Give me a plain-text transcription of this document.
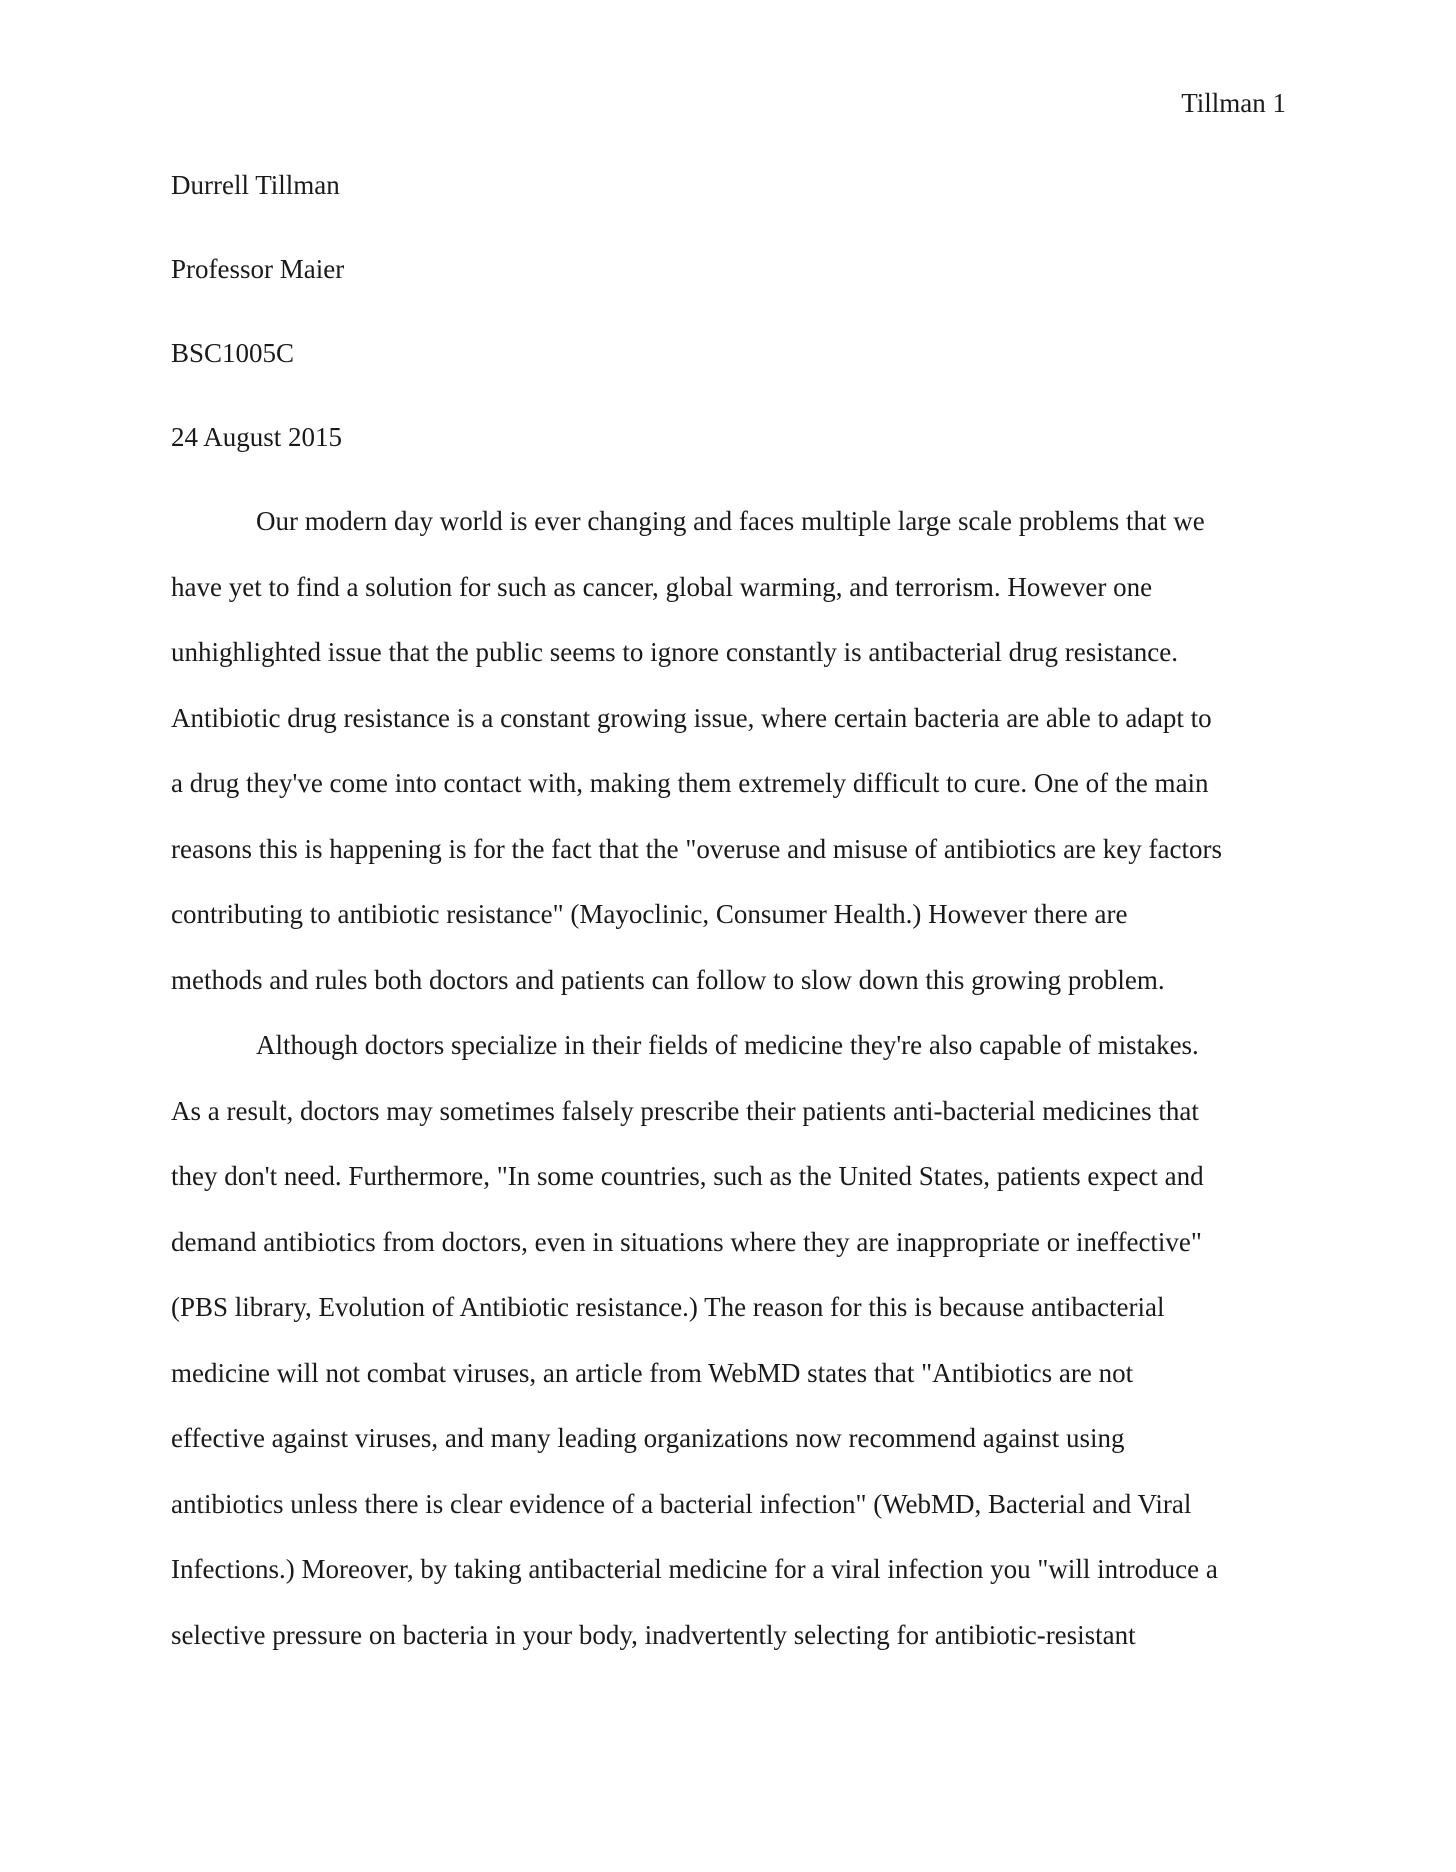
Tillman 1

Durrell Tillman

Professor Maier

BSC1005C

24 August 2015

Our modern day world is ever changing and faces multiple large scale problems that we
have yet to find a solution for such as cancer, global warming, and terrorism. However one
unhighlighted issue that the public seems to ignore constantly is antibacterial drug resistance.
Antibiotic drug resistance is a constant growing issue, where certain bacteria are able to adapt to
a drug they've come into contact with, making them extremely difficult to cure. One of the main
reasons this is happening is for the fact that the "overuse and misuse of antibiotics are key factors
contributing to antibiotic resistance" (Mayoclinic, Consumer Health.) However there are
methods and rules both doctors and patients can follow to slow down this growing problem.

Although doctors specialize in their fields of medicine they're also capable of mistakes.
As a result, doctors may sometimes falsely prescribe their patients anti-bacterial medicines that
they don't need. Furthermore, "In some countries, such as the United States, patients expect and
demand antibiotics from doctors, even in situations where they are inappropriate or ineffective"
(PBS library, Evolution of Antibiotic resistance.) The reason for this is because antibacterial
medicine will not combat viruses, an article from WebMD states that "Antibiotics are not
effective against viruses, and many leading organizations now recommend against using
antibiotics unless there is clear evidence of a bacterial infection" (WebMD, Bacterial and Viral
Infections.) Moreover, by taking antibacterial medicine for a viral infection you "will introduce a
selective pressure on bacteria in your body, inadvertently selecting for antibiotic-resistant
